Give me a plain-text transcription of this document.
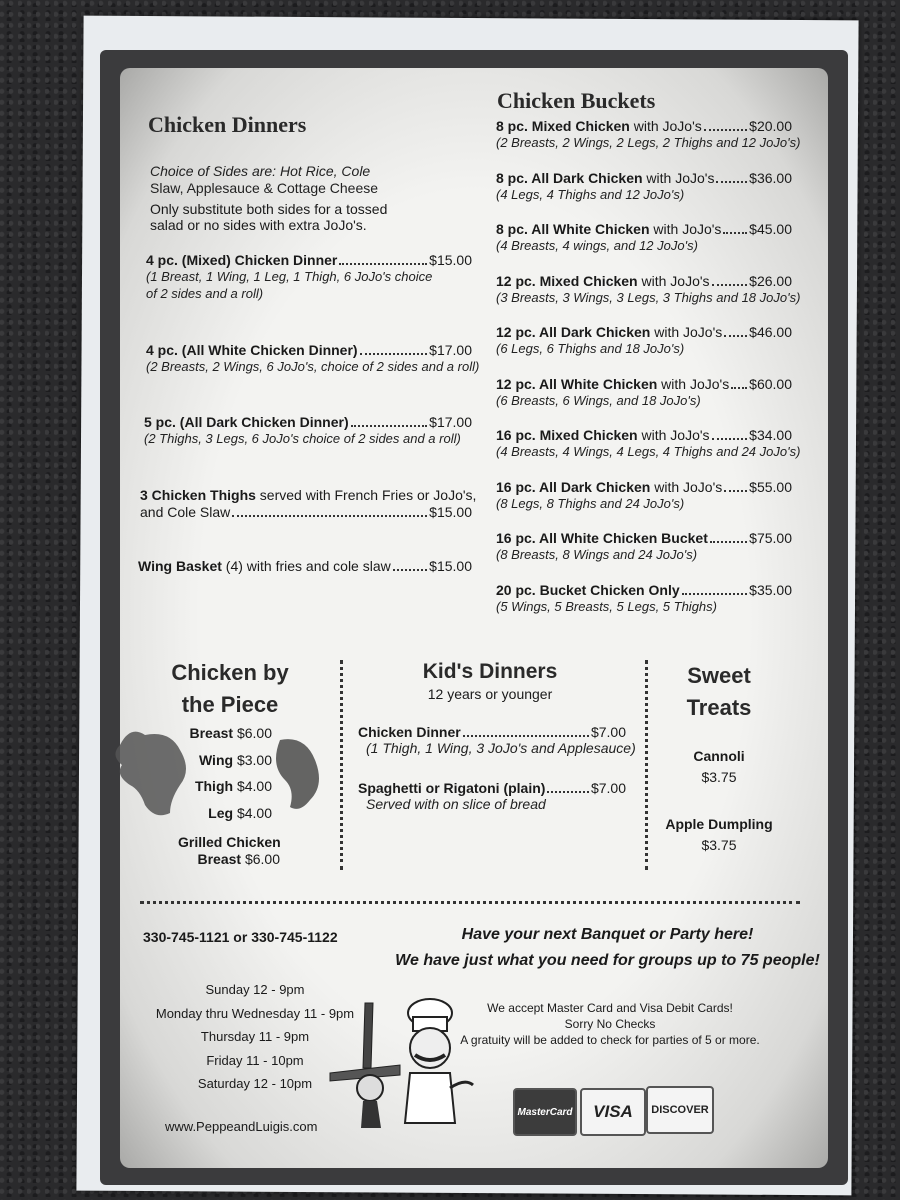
Chicken Dinners
Choice of Sides are: Hot Rice, Cole
Slaw, Applesauce & Cottage Cheese
Only substitute both sides for a tossed
salad or no sides with extra JoJo's.
4 pc. (Mixed) Chicken Dinner	$15.00
(1 Breast, 1 Wing, 1 Leg, 1 Thigh, 6 JoJo's choice
of 2 sides and a roll)
4 pc. (All White Chicken Dinner)	$17.00
(2 Breasts, 2 Wings, 6 JoJo's, choice of 2 sides and a roll)
5 pc. (All Dark Chicken Dinner)	$17.00
(2 Thighs, 3 Legs, 6 JoJo's choice of 2 sides and a roll)
3 Chicken Thighs served with French Fries or JoJo's,
and Cole Slaw	$15.00
Wing Basket (4) with fries and cole slaw	$15.00
Chicken Buckets
8 pc. Mixed Chicken with JoJo's	$20.00
(2 Breasts, 2 Wings, 2 Legs, 2 Thighs and 12 JoJo's)
8 pc. All Dark Chicken with JoJo's $36.00
(4 Legs, 4 Thighs and 12 JoJo's)
8 pc. All White Chicken with JoJo's $45.00
(4 Breasts, 4 wings, and 12 JoJo's)
12 pc. Mixed Chicken with JoJo's	$26.00
(3 Breasts, 3 Wings, 3 Legs, 3 Thighs and 18 JoJo's)
12 pc. All Dark Chicken with JoJo's $46.00
(6 Legs, 6 Thighs and 18 JoJo's)
12 pc. All White Chicken with JoJo's $60.00
(6 Breasts, 6 Wings, and 18 JoJo's)
16 pc. Mixed Chicken with JoJo's	$34.00
(4 Breasts, 4 Wings, 4 Legs, 4 Thighs and 24 JoJo's)
16 pc. All Dark Chicken with JoJo's $55.00
(8 Legs, 8 Thighs and 24 JoJo's)
16 pc. All White Chicken Bucket	$75.00
(8 Breasts, 8 Wings and 24 JoJo's)
20 pc. Bucket Chicken Only	$35.00
(5 Wings, 5 Breasts, 5 Legs, 5 Thighs)
Chicken by
the Piece
Breast $6.00
Wing $3.00
Thigh $4.00
Leg $4.00
Grilled Chicken
Breast $6.00
Kid's Dinners
12 years or younger
Chicken Dinner	$7.00
(1 Thigh, 1 Wing, 3 JoJo's and Applesauce)
Spaghetti or Rigatoni (plain)	$7.00
Served with on slice of bread
Sweet
Treats
Cannoli
$3.75
Apple Dumpling
$3.75
330-745-1121 or 330-745-1122	Have your next Banquet or Party here!
We have just what you need for groups up to 75 people!
Sunday 12 - 9pm
Monday thru Wednesday 11 - 9pm
Thursday 11 - 9pm
Friday 11 - 10pm
Saturday 12 - 10pm
We accept Master Card and Visa Debit Cards!
Sorry No Checks
A gratuity will be added to check for parties of 5 or more.
www.PeppeandLuigis.com
MasterCard VISA DISCOVER
